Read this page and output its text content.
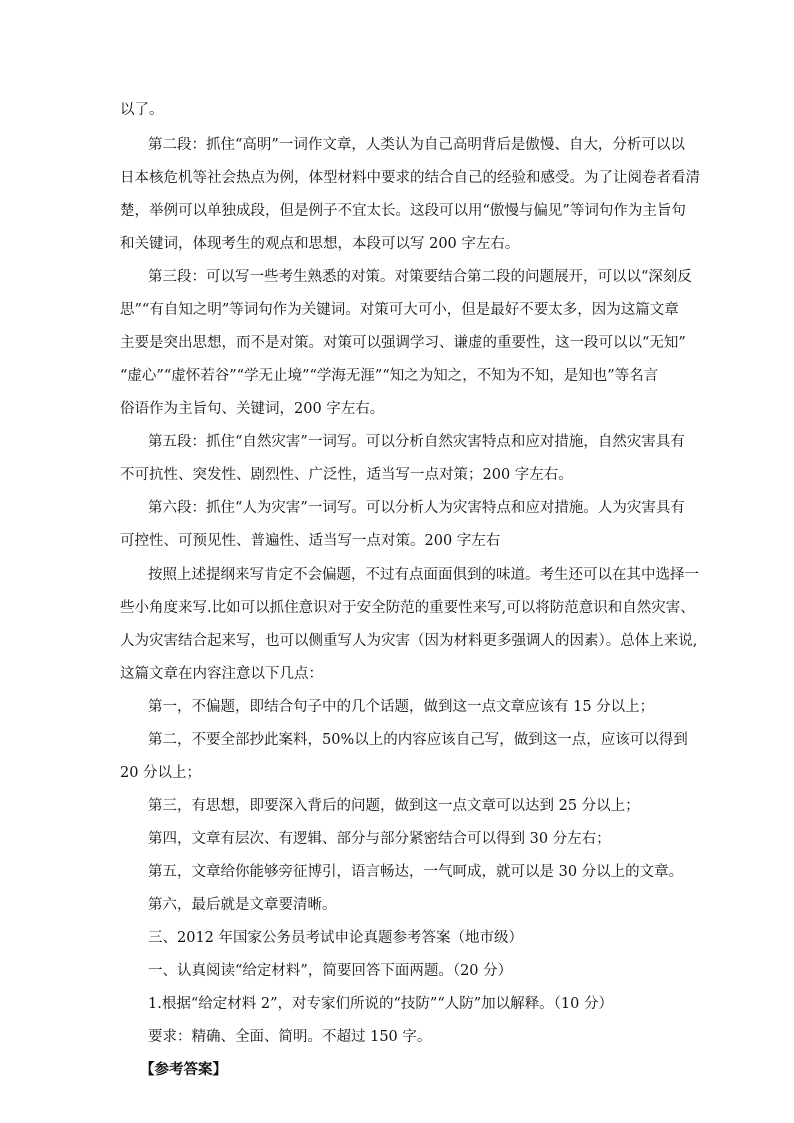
以了。
第二段：抓住“高明”一词作文章，人类认为自己高明背后是傲慢、自大，分析可以以
日本核危机等社会热点为例，体型材料中要求的结合自己的经验和感受。为了让阅卷者看清
楚，举例可以单独成段，但是例子不宜太长。这段可以用“傲慢与偏见”等词句作为主旨句
和关键词，体现考生的观点和思想，本段可以写 200 字左右。
第三段：可以写一些考生熟悉的对策。对策要结合第二段的问题展开，可以以“深刻反
思”“有自知之明”等词句作为关键词。对策可大可小，但是最好不要太多，因为这篇文章
主要是突出思想，而不是对策。对策可以强调学习、谦虚的重要性，这一段可以以“无知”
“虚心”“虚怀若谷”“学无止境”“学海无涯”“知之为知之，不知为不知，是知也”等名言
俗语作为主旨句、关键词，200 字左右。
第五段：抓住“自然灾害”一词写。可以分析自然灾害特点和应对措施，自然灾害具有
不可抗性、突发性、剧烈性、广泛性，适当写一点对策；200 字左右。
第六段：抓住“人为灾害”一词写。可以分析人为灾害特点和应对措施。人为灾害具有
可控性、可预见性、普遍性、适当写一点对策。200 字左右
按照上述提纲来写肯定不会偏题，不过有点面面俱到的味道。考生还可以在其中选择一
些小角度来写.比如可以抓住意识对于安全防范的重要性来写,可以将防范意识和自然灾害、
人为灾害结合起来写，也可以侧重写人为灾害（因为材料更多强调人的因素）。总体上来说,
这篇文章在内容注意以下几点：
第一，不偏题，即结合句子中的几个话题，做到这一点文章应该有 15 分以上；
第二，不要全部抄此案料，50%以上的内容应该自己写，做到这一点，应该可以得到
20 分以上；
第三，有思想，即要深入背后的问题，做到这一点文章可以达到 25 分以上；
第四，文章有层次、有逻辑、部分与部分紧密结合可以得到 30 分左右；
第五，文章给你能够旁征博引，语言畅达，一气呵成，就可以是 30 分以上的文章。
第六，最后就是文章要清晰。
三、2012 年国家公务员考试申论真题参考答案（地市级）
一、认真阅读“给定材料”，简要回答下面两题。（20 分）
1.根据“给定材料 2”，对专家们所说的“技防”“人防”加以解释。（10 分）
要求：精确、全面、简明。不超过 150 字。
【参考答案】
